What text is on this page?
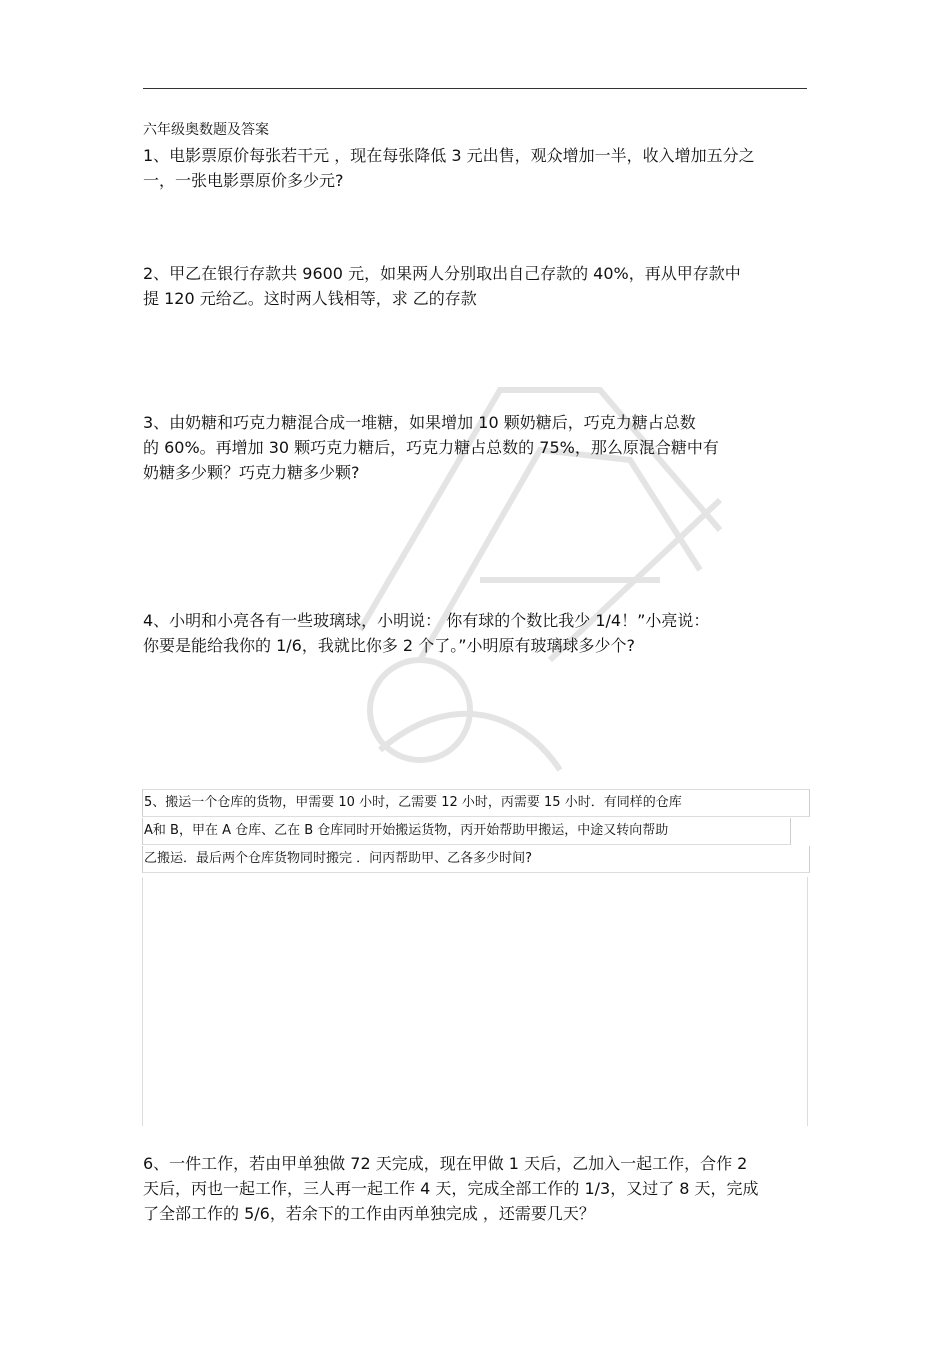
六年级奥数题及答案

1、电影票原价每张若干元 ，现在每张降低 3 元出售，观众增加一半，收入增加五分之

一，一张电影票原价多少元?

2、甲乙在银行存款共 9600 元，如果两人分别取出自己存款的 40%，再从甲存款中

提 120 元给乙。这时两人钱相等，求 乙的存款

3、由奶糖和巧克力糖混合成一堆糖，如果增加 10 颗奶糖后，巧克力糖占总数

的 60%。再增加 30 颗巧克力糖后，巧克力糖占总数的 75%，那么原混合糖中有

奶糖多少颗？巧克力糖多少颗?

4、小明和小亮各有一些玻璃球，小明说： 你有球的个数比我少 1/4！”小亮说：

你要是能给我你的 1/6，我就比你多 2 个了。”小明原有玻璃球多少个?

5、搬运一个仓库的货物，甲需要 10 小时，乙需要 12 小时，丙需要 15 小时．有同样的仓库
A和 B，甲在 A 仓库、乙在 B 仓库同时开始搬运货物，丙开始帮助甲搬运，中途又转向帮助
乙搬运．最后两个仓库货物同时搬完 ．问丙帮助甲、乙各多少时间?

6、一件工作，若由甲单独做 72 天完成，现在甲做 1 天后，乙加入一起工作，合作 2

天后，丙也一起工作，三人再一起工作 4 天，完成全部工作的 1/3，又过了 8 天，完成

了全部工作的 5/6，若余下的工作由丙单独完成 ，还需要几天？
